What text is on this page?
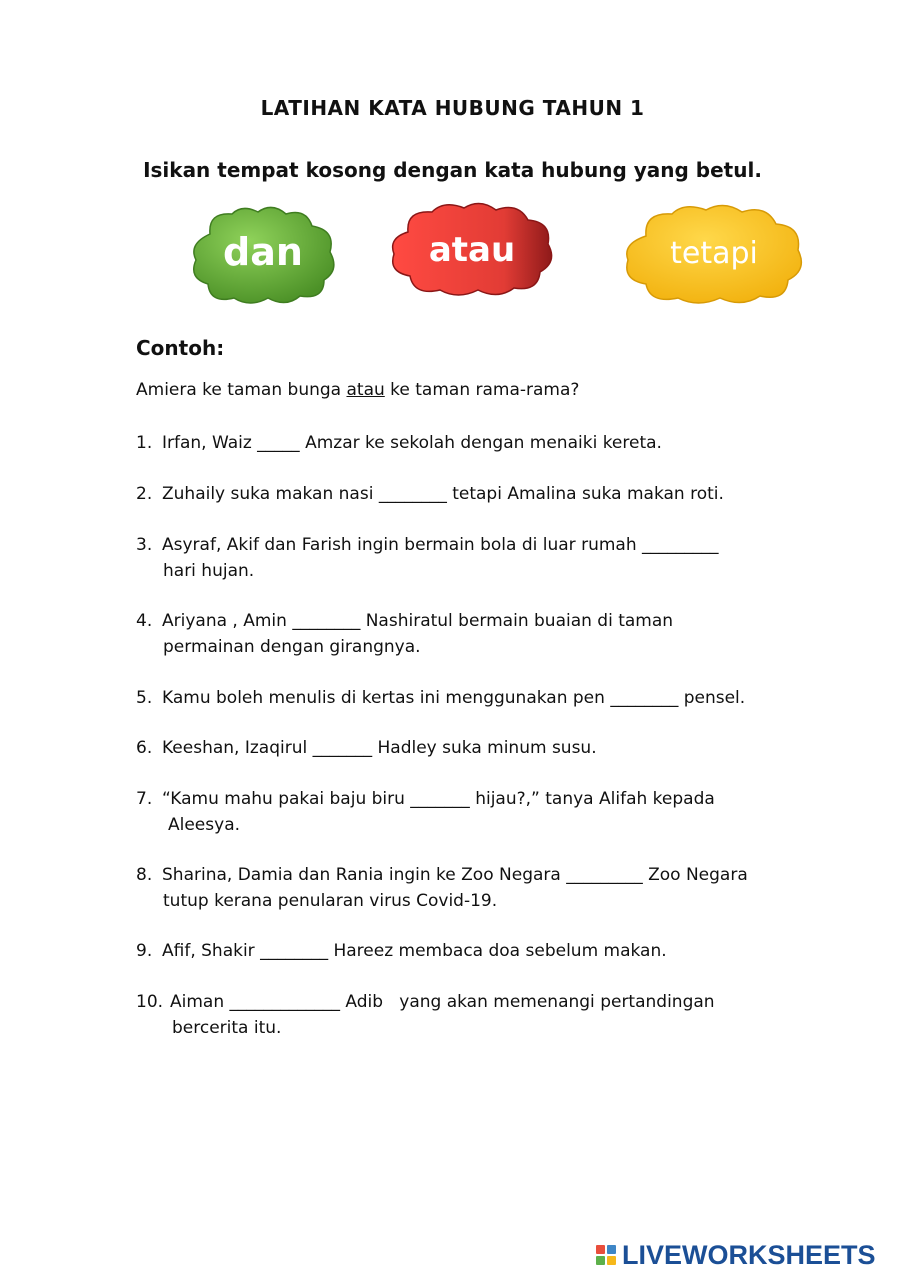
LATIHAN KATA HUBUNG TAHUN 1
Isikan tempat kosong dengan kata hubung yang betul.
dan	atau	tetapi
Contoh:
Amiera ke taman bunga atau ke taman rama-rama?
1. Irfan, Waiz _____ Amzar ke sekolah dengan menaiki kereta.
2. Zuhaily suka makan nasi ________ tetapi Amalina suka makan roti.
3. Asyraf, Akif dan Farish ingin bermain bola di luar rumah _________
hari hujan.
4. Ariyana , Amin ________ Nashiratul bermain buaian di taman
permainan dengan girangnya.
5. Kamu boleh menulis di kertas ini menggunakan pen ________ pensel.
6. Keeshan, Izaqirul _______ Hadley suka minum susu.
7. “Kamu mahu pakai baju biru _______ hijau?,” tanya Alifah kepada
Aleesya.
8. Sharina, Damia dan Rania ingin ke Zoo Negara _________ Zoo Negara
tutup kerana penularan virus Covid-19.
9. Afif, Shakir ________ Hareez membaca doa sebelum makan.
10. Aiman _____________ Adib   yang akan memenangi pertandingan
bercerita itu.
LIVEWORKSHEETS
